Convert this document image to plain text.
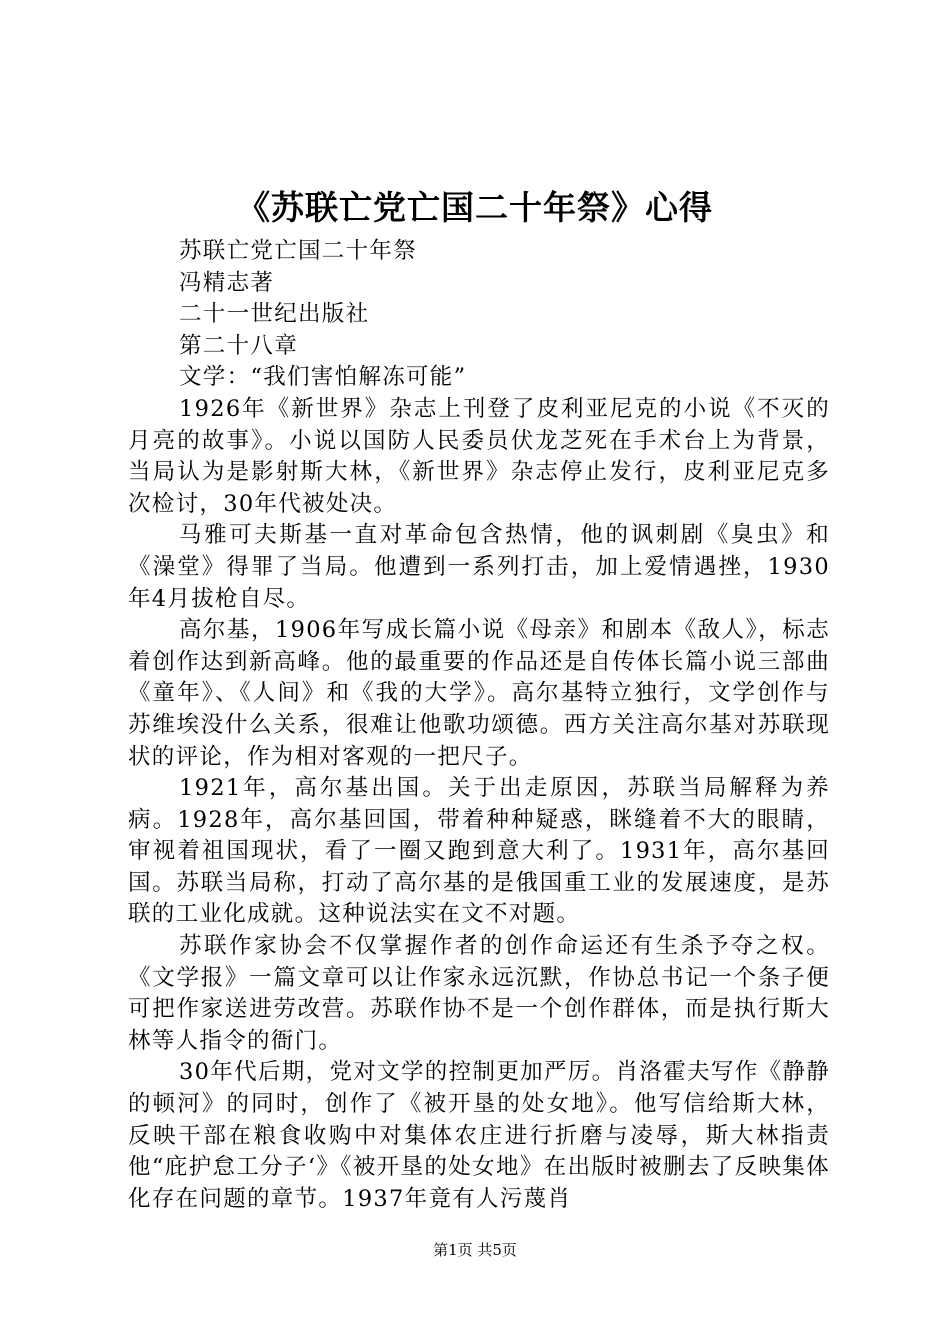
《苏联亡党亡国二十年祭》心得

苏联亡党亡国二十年祭

冯精志著

二十一世纪出版社

第二十八章

文学：“我们害怕解冻可能”

1926年《新世界》杂志上刊登了皮利亚尼克的小说《不灭的月亮的故事》。小说以国防人民委员伏龙芝死在手术台上为背景，当局认为是影射斯大林，《新世界》杂志停止发行，皮利亚尼克多次检讨，30年代被处决。

马雅可夫斯基一直对革命包含热情，他的讽刺剧《臭虫》和《澡堂》得罪了当局。他遭到一系列打击，加上爱情遇挫，1930年4月拔枪自尽。

高尔基，1906年写成长篇小说《母亲》和剧本《敌人》，标志着创作达到新高峰。他的最重要的作品还是自传体长篇小说三部曲《童年》、《人间》和《我的大学》。高尔基特立独行，文学创作与苏维埃没什么关系，很难让他歌功颂德。西方关注高尔基对苏联现状的评论，作为相对客观的一把尺子。

1921年，高尔基出国。关于出走原因，苏联当局解释为养病。1928年，高尔基回国，带着种种疑惑，眯缝着不大的眼睛，审视着祖国现状，看了一圈又跑到意大利了。1931年，高尔基回国。苏联当局称，打动了高尔基的是俄国重工业的发展速度，是苏联的工业化成就。这种说法实在文不对题。

苏联作家协会不仅掌握作者的创作命运还有生杀予夺之权。《文学报》一篇文章可以让作家永远沉默，作协总书记一个条子便可把作家送进劳改营。苏联作协不是一个创作群体，而是执行斯大林等人指令的衙门。

30年代后期，党对文学的控制更加严厉。肖洛霍夫写作《静静的顿河》的同时，创作了《被开垦的处女地》。他写信给斯大林，反映干部在粮食收购中对集体农庄进行折磨与凌辱，斯大林指责他“庇护怠工分子‘》《被开垦的处女地》在出版时被删去了反映集体化存在问题的章节。1937年竟有人污蔑肖

第1页 共5页
